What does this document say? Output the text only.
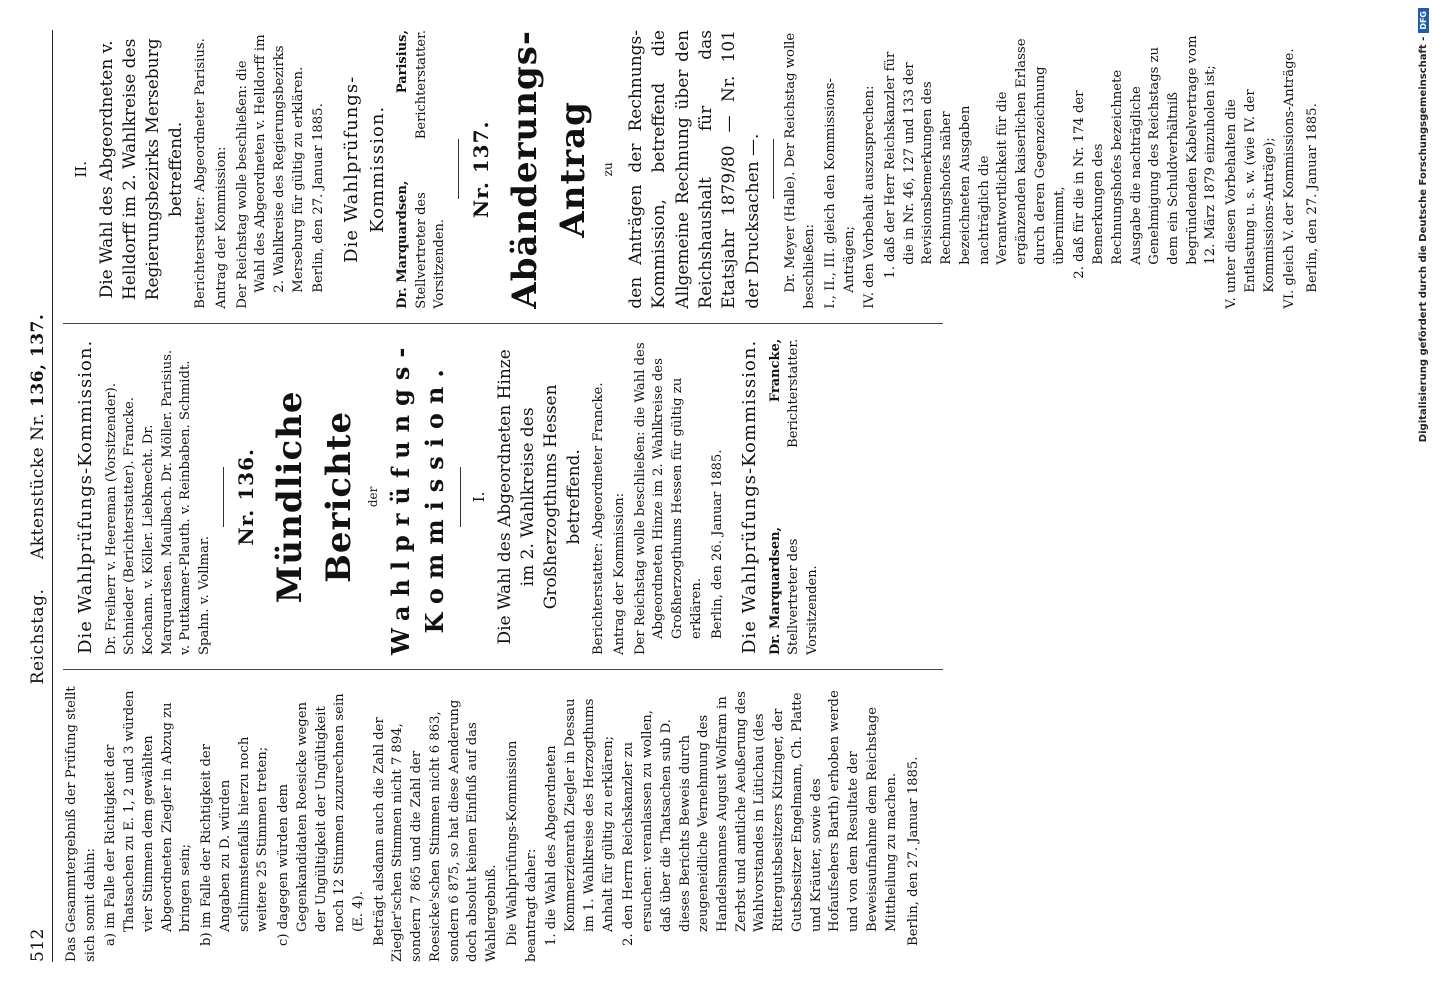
512
Reichstag.     Aktenstücke Nr. 136, 137.

Das Gesammtergebniß der Prüfung stellt sich somit dahin: a) im Falle der Richtigkeit der Thatsachen zu E. 1, 2 und 3 würden vier Stimmen dem gewählten Abgeordneten Ziegler in Abzug zu bringen sein; b) im Falle der Richtigkeit der Angaben zu D. würden schlimmstenfalls hierzu noch weitere 25 Stimmen treten; c) dagegen würden dem Gegenkandidaten Roesicke wegen der Ungültigkeit der Ungültigkeit noch 12 Stimmen zuzurechnen sein (E. 4). Beträgt alsdann auch die Zahl der Ziegler'schen Stimmen nicht 7 894, sondern 7 865 und die Zahl der Roesicke'schen Stimmen nicht 6 863, sondern 6 875, so hat diese Aenderung doch absolut keinen Einfluß auf das Wahlergebniß. Die Wahlprüfungs-Kommission beantragt daher: 1. die Wahl des Abgeordneten Kommerzienrath Ziegler in Dessau im 1. Wahlkreise des Herzogthums Anhalt für gültig zu erklären; 2. den Herrn Reichskanzler zu ersuchen: veranlassen zu wollen, daß über die Thatsachen sub D. dieses Berichts Beweis durch zeugeneidliche Vernehmung des Handelsmannes August Wolfram in Zerbst und amtliche Aeußerung des Wahlvorstandes in Lütichau (des Rittergutsbesitzers Kitzinger, der Gutsbesitzer Engelmann, Ch. Platte und Kräuter, sowie des Hofaufsehers Barth) erhoben werde und von dem Resultate der Beweisaufnahme dem Reichstage Mittheilung zu machen. Berlin, den 27. Januar 1885.

Die Wahlprüfungs-Kommission. Dr. Freiherr v. Heereman (Vorsitzender). Schnieder (Berichterstatter). Francke. Kochann. v. Köller. Liebknecht. Dr. Marquardsen. Maulbach. Dr. Möller. Parisius. v. Puttkamer-Plauth. v. Reinbaben. Schmidt. Spahn. v. Vollmar.

Nr. 136. Mündliche Berichte der Wahlprüfungs-Kommission. I. Die Wahl des Abgeordneten Hinze im 2. Wahlkreise des Großherzogthums Hessen betreffend. Berichterstatter: Abgeordneter Francke. Antrag der Kommission: Der Reichstag wolle beschließen: die Wahl des Abgeordneten Hinze im 2. Wahlkreise des Großherzogthums Hessen für gültig zu erklären. Berlin, den 26. Januar 1885. Die Wahlprüfungs-Kommission. Dr. Marquardsen, Stellvertreter des Vorsitzenden.
Francke, Berichterstatter.
II. Die Wahl des Abgeordneten v. Helldorff im 2. Wahlkreise des Regierungsbezirks Merseburg betreffend. Berichterstatter: Abgeordneter Parisius. Antrag der Kommission: Der Reichstag wolle beschließen: die Wahl des Abgeordneten v. Helldorff im 2. Wahlkreise des Regierungsbezirks Merseburg für gültig zu erklären. Berlin, den 27. Januar 1885. Die Wahlprüfungs-Kommission.
Dr. Marquardsen, Stellvertreter des Vorsitzenden.
Parisius, Berichterstatter.
Nr. 137. Abänderungs-Antrag zu den Anträgen der Rechnungs-Kommission, betreffend die Allgemeine Rechnung über den Reichshaushalt für das Etatsjahr 1879/80 — Nr. 101 der Drucksachen —. Dr. Meyer (Halle). Der Reichstag wolle beschließen: I., II., III. gleich den Kommissions-Anträgen; IV. den Vorbehalt auszusprechen: 1. daß der Herr Reichskanzler für die in Nr. 46, 127 und 133 der Revisionsbemerkungen des Rechnungshofes näher bezeichneten Ausgaben nachträglich die Verantwortlichkeit für die ergänzenden kaiserlichen Erlasse durch deren Gegenzeichnung übernimmt, 2. daß für die in Nr. 174 der Bemerkungen des Rechnungshofes bezeichnete Ausgabe die nachträgliche Genehmigung des Reichstags zu dem ein Schuldverhältniß begründenden Kabelvertrage vom 12. März 1879 einzuholen ist; V. unter diesen Vorbehalten die Entlastung u. s. w. (wie IV. der Kommissions-Anträge); VI. gleich V. der Kommissions-Anträge. Berlin, den 27. Januar 1885.	Digitalisierung gefördert durch die Deutsche Forschungsgemeinschaft -
DFG
